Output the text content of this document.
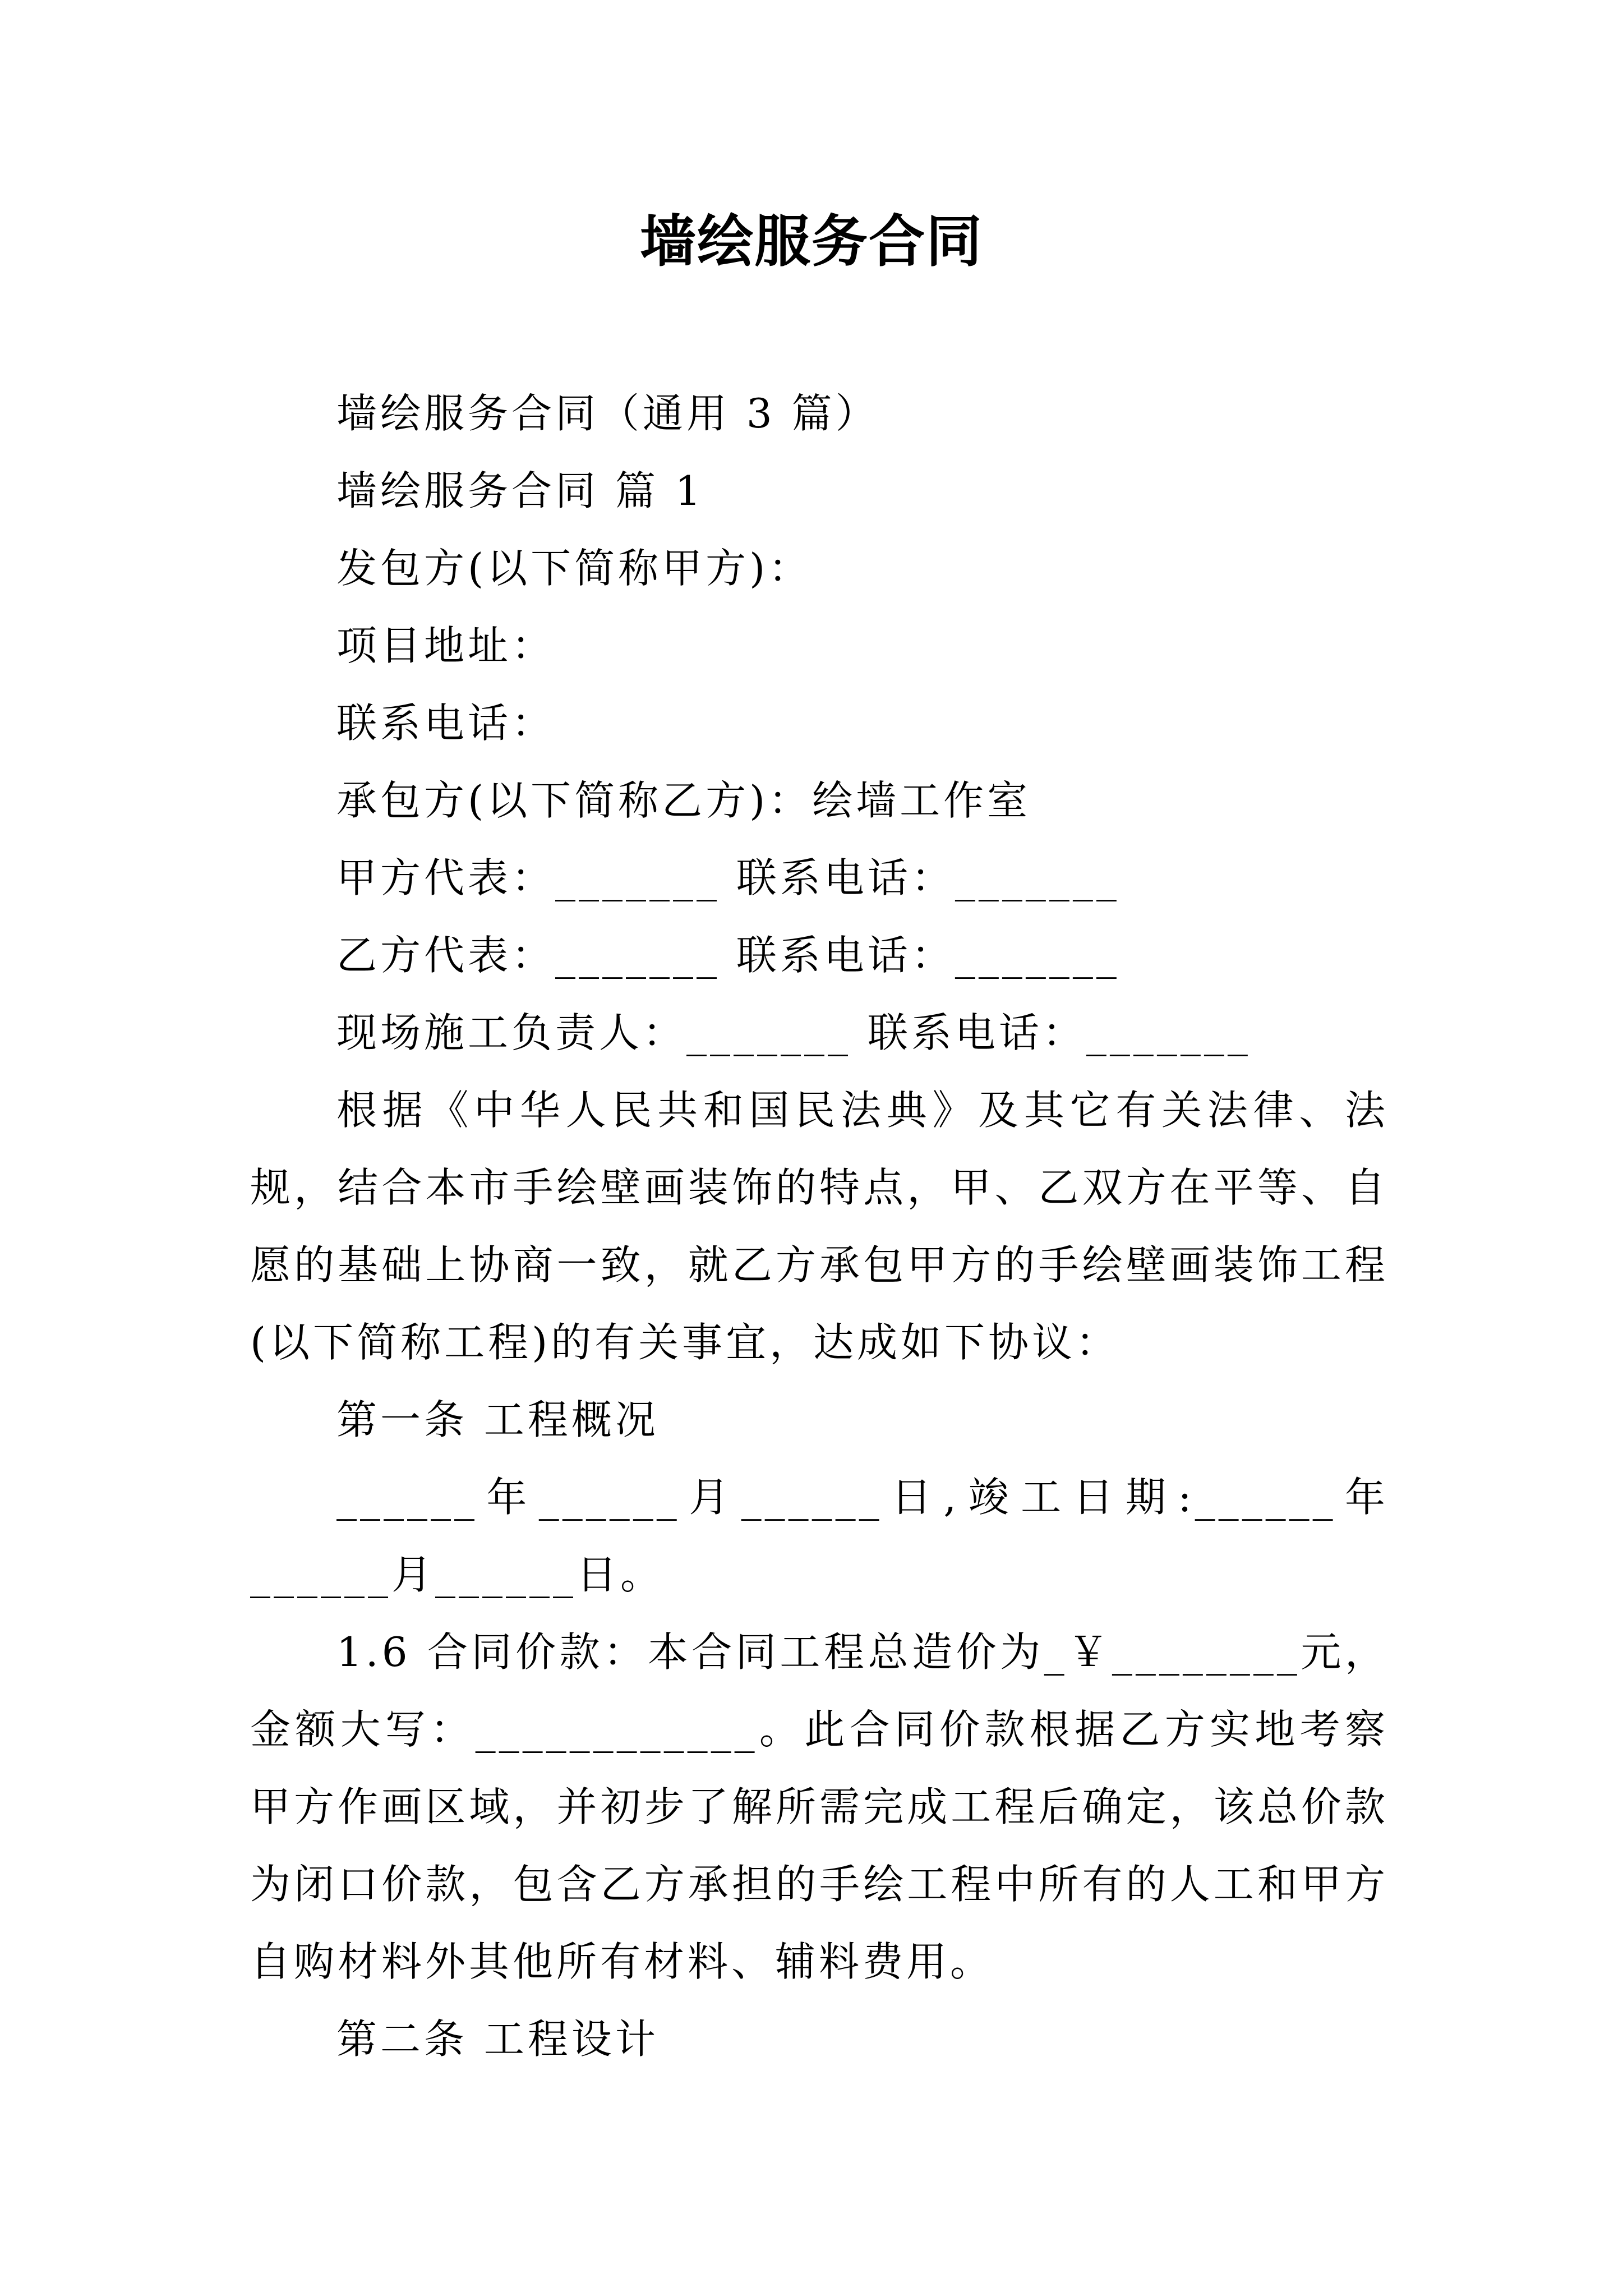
墙绘服务合同
墙绘服务合同（通用 3 篇）
墙绘服务合同 篇 1
发包方(以下简称甲方)：
项目地址：
联系电话：
承包方(以下简称乙方)：绘墙工作室
甲方代表：_______ 联系电话：_______
乙方代表：_______ 联系电话：_______
现场施工负责人：_______ 联系电话：_______

根据《中华人民共和国民法典》及其它有关法律、法规，结合本市手绘壁画装饰的特点，甲、乙双方在平等、自愿的基础上协商一致，就乙方承包甲方的手绘壁画装饰工程(以下简称工程)的有关事宜，达成如下协议：

第一条 工程概况

______年______月______日,竣工日期:______年______月______日。

1.6 合同价款：本合同工程总造价为_￥________元，金额大写：____________。此合同价款根据乙方实地考察甲方作画区域，并初步了解所需完成工程后确定，该总价款为闭口价款，包含乙方承担的手绘工程中所有的人工和甲方自购材料外其他所有材料、辅料费用。

第二条 工程设计
